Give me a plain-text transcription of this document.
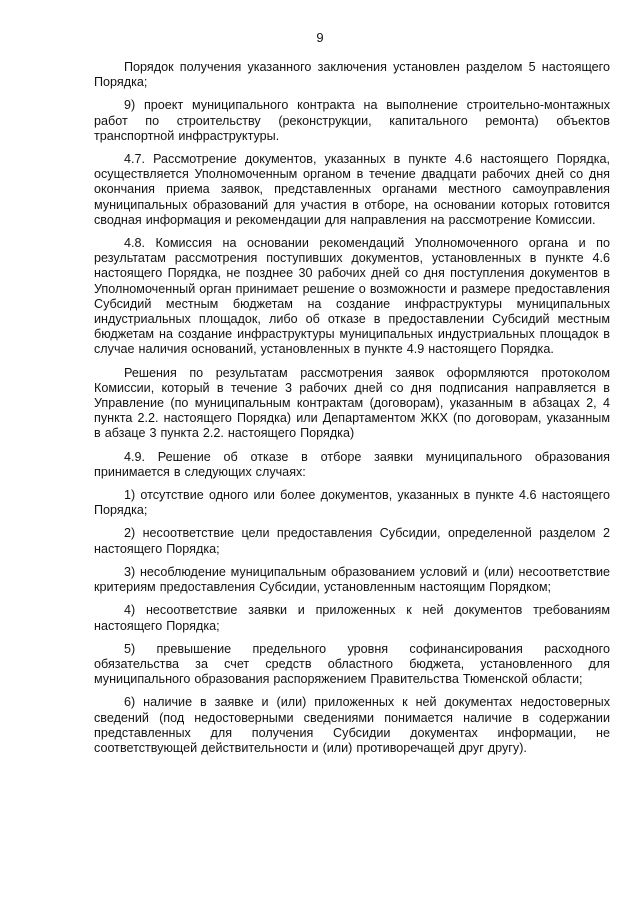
9

Порядок получения указанного заключения установлен разделом 5 настоящего Порядка;

9) проект муниципального контракта на выполнение строительно-монтажных работ по строительству (реконструкции, капитального ремонта) объектов транспортной инфраструктуры.

4.7. Рассмотрение документов, указанных в пункте 4.6 настоящего Порядка, осуществляется Уполномоченным органом в течение двадцати рабочих дней со дня окончания приема заявок, представленных органами местного самоуправления муниципальных образований для участия в отборе, на основании которых готовится сводная информация и рекомендации для направления на рассмотрение Комиссии.

4.8. Комиссия на основании рекомендаций Уполномоченного органа и по результатам рассмотрения поступивших документов, установленных в пункте 4.6 настоящего Порядка, не позднее 30 рабочих дней со дня поступления документов в Уполномоченный орган принимает решение о возможности и размере предоставления Субсидий местным бюджетам на создание инфраструктуры муниципальных индустриальных площадок, либо об отказе в предоставлении Субсидий местным бюджетам на создание инфраструктуры муниципальных индустриальных площадок в случае наличия оснований, установленных в пункте 4.9 настоящего Порядка.

Решения по результатам рассмотрения заявок оформляются протоколом Комиссии, который в течение 3 рабочих дней со дня подписания направляется в Управление (по муниципальным контрактам (договорам), указанным в абзацах 2, 4 пункта 2.2. настоящего Порядка) или Департаментом ЖКХ (по договорам, указанным в абзаце 3 пункта 2.2. настоящего Порядка)

4.9. Решение об отказе в отборе заявки муниципального образования принимается в следующих случаях:

1) отсутствие одного или более документов, указанных в пункте 4.6 настоящего Порядка;

2) несоответствие цели предоставления Субсидии, определенной разделом 2 настоящего Порядка;

3) несоблюдение муниципальным образованием условий и (или) несоответствие критериям предоставления Субсидии, установленным настоящим Порядком;

4) несоответствие заявки и приложенных к ней документов требованиям настоящего Порядка;

5) превышение предельного уровня софинансирования расходного обязательства за счет средств областного бюджета, установленного для муниципального образования распоряжением Правительства Тюменской области;

6) наличие в заявке и (или) приложенных к ней документах недостоверных сведений (под недостоверными сведениями понимается наличие в содержании представленных для получения Субсидии документах информации, не соответствующей действительности и (или) противоречащей друг другу).
